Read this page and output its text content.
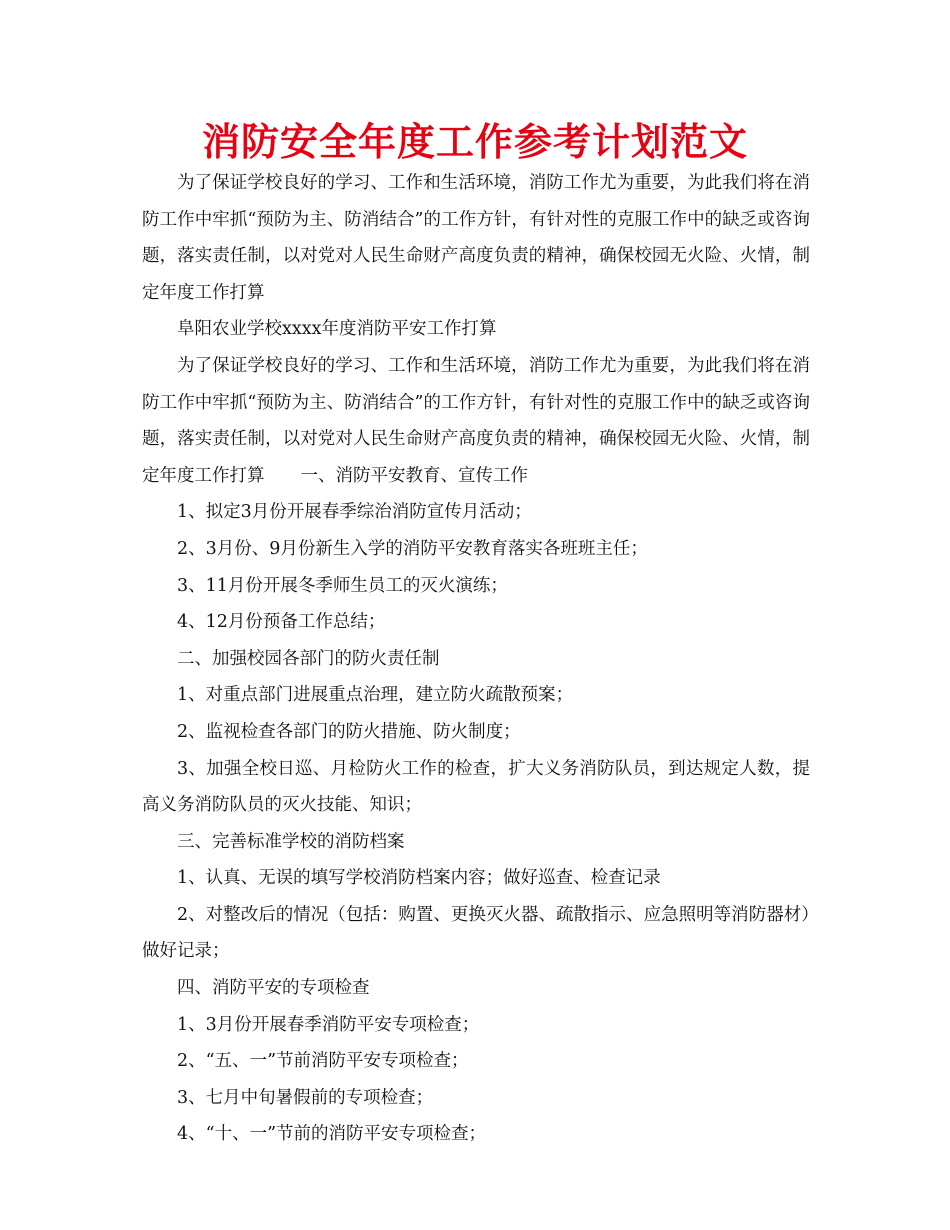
消防安全年度工作参考计划范文

为了保证学校良好的学习、工作和生活环境，消防工作尤为重要，为此我们将在消防工作中牢抓“预防为主、防消结合”的工作方针，有针对性的克服工作中的缺乏或咨询题，落实责任制，以对党对人民生命财产高度负责的精神，确保校园无火险、火情，制定年度工作打算

阜阳农业学校xxxx年度消防平安工作打算

为了保证学校良好的学习、工作和生活环境，消防工作尤为重要，为此我们将在消防工作中牢抓“预防为主、防消结合”的工作方针，有针对性的克服工作中的缺乏或咨询题，落实责任制，以对党对人民生命财产高度负责的精神，确保校园无火险、火情，制定年度工作打算 一、消防平安教育、宣传工作

1、拟定3月份开展春季综治消防宣传月活动；

2、3月份、9月份新生入学的消防平安教育落实各班班主任；

3、11月份开展冬季师生员工的灭火演练；

4、12月份预备工作总结；

二、加强校园各部门的防火责任制

1、对重点部门进展重点治理，建立防火疏散预案；

2、监视检查各部门的防火措施、防火制度；

3、加强全校日巡、月检防火工作的检查，扩大义务消防队员，到达规定人数，提高义务消防队员的灭火技能、知识；

三、完善标准学校的消防档案

1、认真、无误的填写学校消防档案内容；做好巡查、检查记录

2、对整改后的情况（包括：购置、更换灭火器、疏散指示、应急照明等消防器材）做好记录；

四、消防平安的专项检查

1、3月份开展春季消防平安专项检查；

2、“五、一”节前消防平安专项检查；

3、七月中旬暑假前的专项检查；

4、“十、一”节前的消防平安专项检查；
